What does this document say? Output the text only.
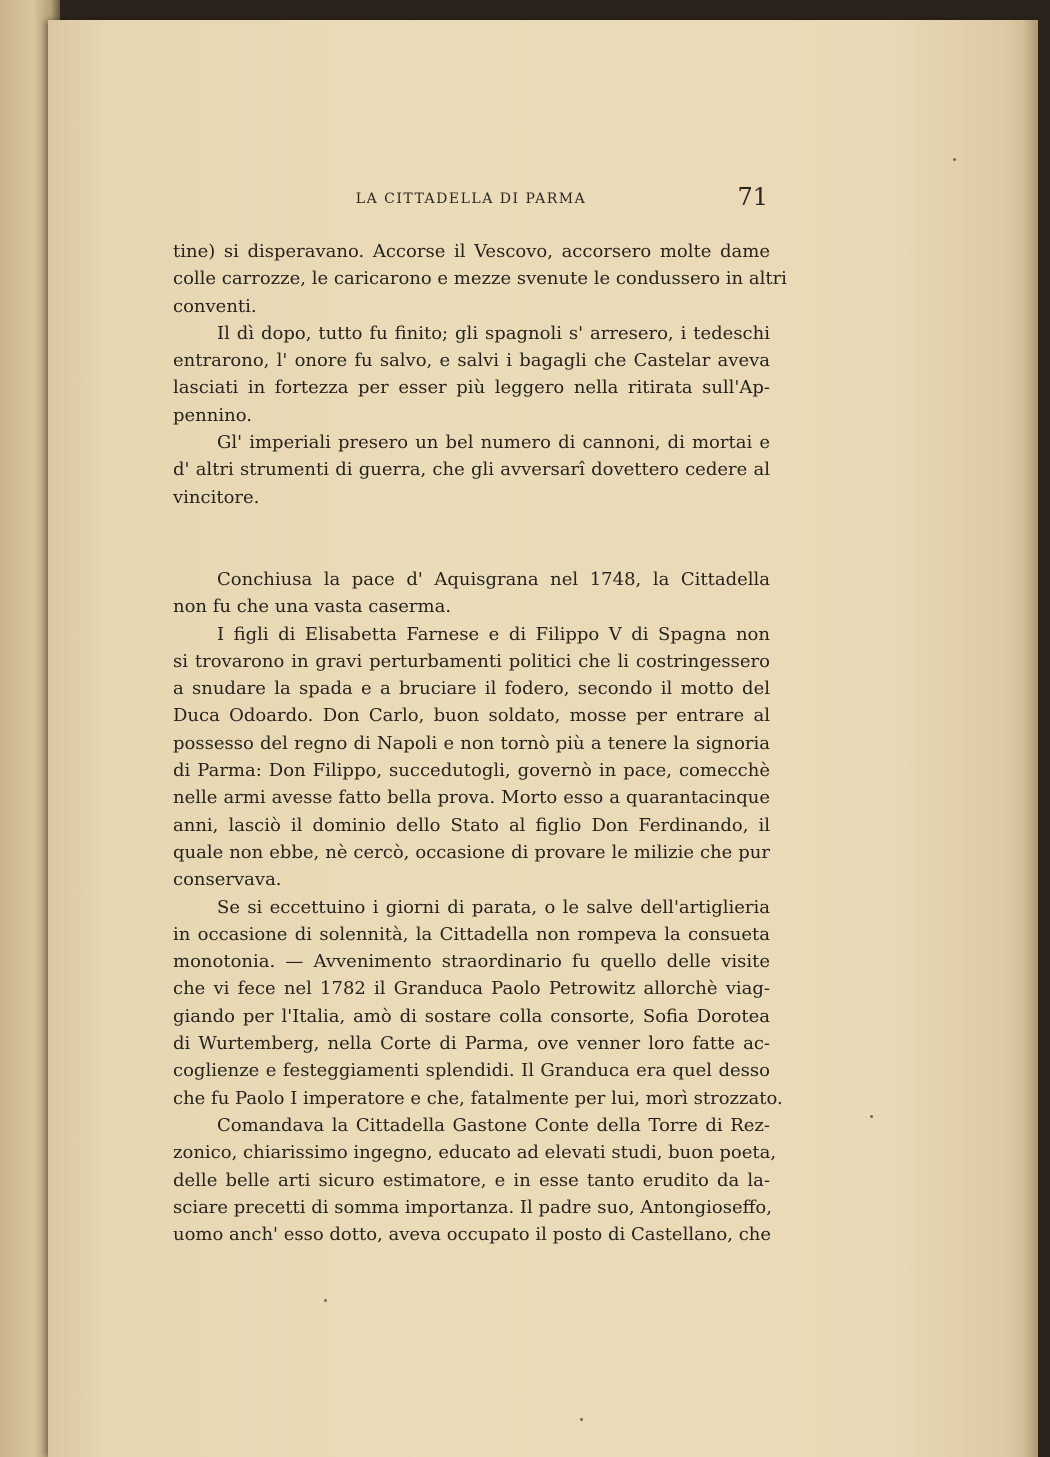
LA CITTADELLA DI PARMA	71
tine) si disperavano. Accorse il Vescovo, accorsero molte dame
colle carrozze, le caricarono e mezze svenute le condussero in altri
conventi.
Il dì dopo, tutto fu finito; gli spagnoli s' arresero, i tedeschi
entrarono, l' onore fu salvo, e salvi i bagagli che Castelar aveva
lasciati in fortezza per esser più leggero nella ritirata sull'Ap-
pennino.
Gl' imperiali presero un bel numero di cannoni, di mortai e
d' altri strumenti di guerra, che gli avversarî dovettero cedere al
vincitore.
Conchiusa la pace d' Aquisgrana nel 1748, la Cittadella
non fu che una vasta caserma.
I figli di Elisabetta Farnese e di Filippo V di Spagna non
si trovarono in gravi perturbamenti politici che li costringessero
a snudare la spada e a bruciare il fodero, secondo il motto del
Duca Odoardo. Don Carlo, buon soldato, mosse per entrare al
possesso del regno di Napoli e non tornò più a tenere la signoria
di Parma: Don Filippo, succedutogli, governò in pace, comecchè
nelle armi avesse fatto bella prova. Morto esso a quarantacinque
anni, lasciò il dominio dello Stato al figlio Don Ferdinando, il
quale non ebbe, nè cercò, occasione di provare le milizie che pur
conservava.
Se si eccettuino i giorni di parata, o le salve dell'artiglieria
in occasione di solennità, la Cittadella non rompeva la consueta
monotonia. — Avvenimento straordinario fu quello delle visite
che vi fece nel 1782 il Granduca Paolo Petrowitz allorchè viag-
giando per l'Italia, amò di sostare colla consorte, Sofia Dorotea
di Wurtemberg, nella Corte di Parma, ove venner loro fatte ac-
coglienze e festeggiamenti splendidi. Il Granduca era quel desso
che fu Paolo I imperatore e che, fatalmente per lui, morì strozzato.
Comandava la Cittadella Gastone Conte della Torre di Rez-
zonico, chiarissimo ingegno, educato ad elevati studi, buon poeta,
delle belle arti sicuro estimatore, e in esse tanto erudito da la-
sciare precetti di somma importanza. Il padre suo, Antongioseffo,
uomo anch' esso dotto, aveva occupato il posto di Castellano, che
